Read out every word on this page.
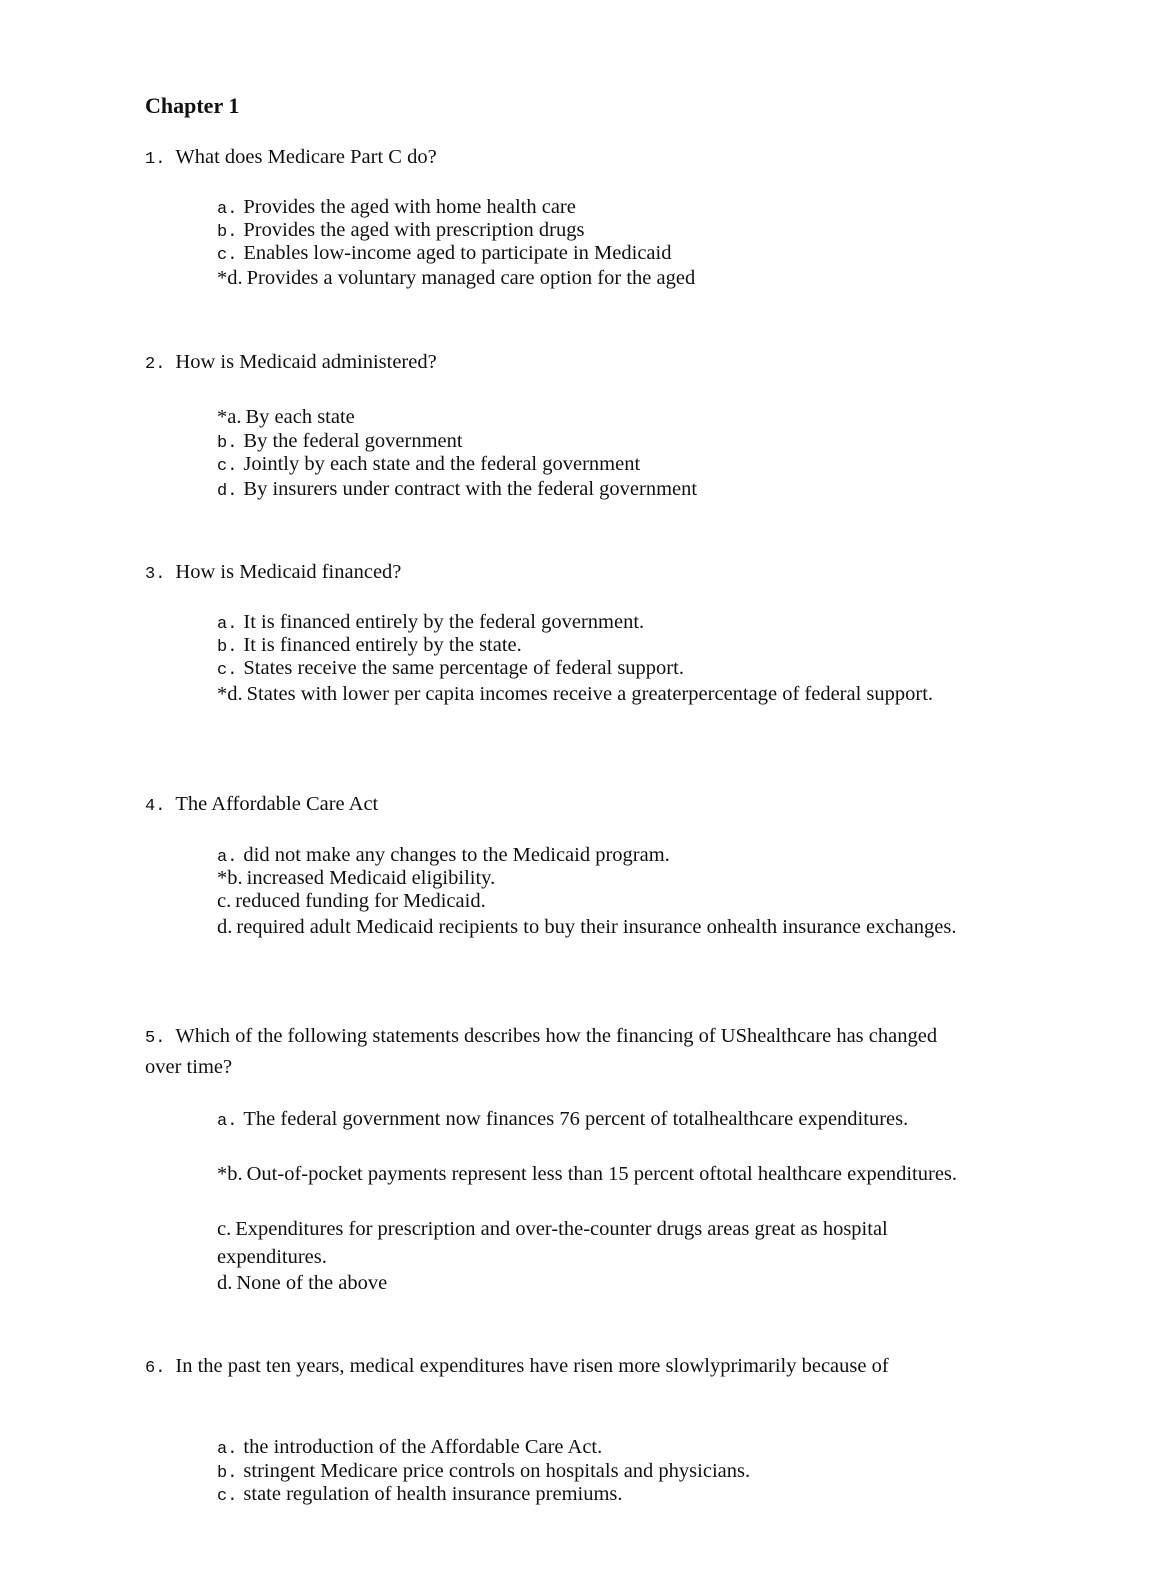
Chapter 1
1. What does Medicare Part C do?
a. Provides the aged with home health care
b. Provides the aged with prescription drugs
c. Enables low-income aged to participate in Medicaid
*d. Provides a voluntary managed care option for the aged
2. How is Medicaid administered?
*a. By each state
b. By the federal government
c. Jointly by each state and the federal government
d. By insurers under contract with the federal government
3. How is Medicaid financed?
a. It is financed entirely by the federal government.
b. It is financed entirely by the state.
c. States receive the same percentage of federal support.
*d. States with lower per capita incomes receive a greaterpercentage of federal support.
4. The Affordable Care Act
a. did not make any changes to the Medicaid program.
*b. increased Medicaid eligibility.
c. reduced funding for Medicaid.
d. required adult Medicaid recipients to buy their insurance onhealth insurance exchanges.
5. Which of the following statements describes how the financing of UShealthcare has changed over time?
a. The federal government now finances 76 percent of totalhealthcare expenditures.
*b. Out-of-pocket payments represent less than 15 percent oftotal healthcare expenditures.
c. Expenditures for prescription and over-the-counter drugs areas great as hospital expenditures.
d. None of the above
6. In the past ten years, medical expenditures have risen more slowlyprimarily because of
a. the introduction of the Affordable Care Act.
b. stringent Medicare price controls on hospitals and physicians.
c. state regulation of health insurance premiums.
